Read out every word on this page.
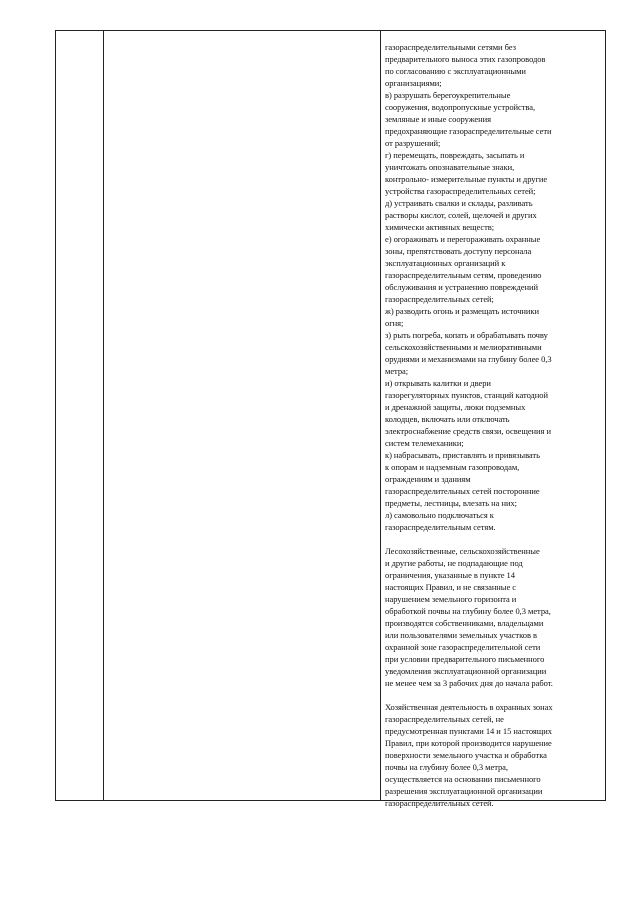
газораспределительными сетями без
предварительного выноса этих газопроводов
по согласованию с эксплуатационными
организациями;
в) разрушать берегоукрепительные
сооружения, водопропускные устройства,
земляные и иные сооружения
предохраняющие газораспределительные сети
от разрушений;
г) перемещать, повреждать, засыпать и
уничтожать опознавательные знаки,
контрольно- измерительные пункты и другие
устройства газораспределительных сетей;
д) устраивать свалки и склады, разливать
растворы кислот, солей, щелочей и других
химически активных веществ;
е) огораживать и перегораживать охранные
зоны, препятствовать доступу персонала
эксплуатационных организаций к
газораспределительным сетям, проведению
обслуживания и устранению повреждений
газораспределительных сетей;
ж) разводить огонь и размещать источники
огня;
з) рыть погреба, копать и обрабатывать почву
сельскохозяйственными и мелиоративными
орудиями и механизмами на глубину более 0,3
метра;
и) открывать калитки и двери
газорегуляторных пунктов, станций катодной
и дренажной защиты, люки подземных
колодцев, включать или отключать
электроснабжение средств связи, освещения и
систем телемеханики;
к) набрасывать, приставлять и привязывать
к опорам и надземным газопроводам,
ограждениям и зданиям
газораспределительных сетей посторонние
предметы, лестницы, влезать на них;
л) самовольно подключаться к
газораспределительным сетям.
Лесохозяйственные, сельскохозяйственные
и другие работы, не подпадающие под
ограничения, указанные в пункте 14
настоящих Правил, и не связанные с
нарушением земельного горизонта и
обработкой почвы на глубину более 0,3 метра,
производятся собственниками, владельцами
или пользователями земельных участков в
охранной зоне газораспределительной сети
при условии предварительного письменного
уведомления эксплуатационной организации
не менее чем за 3 рабочих дня до начала работ.
Хозяйственная деятельность в охранных зонах
газораспределительных сетей, не
предусмотренная пунктами 14 и 15 настоящих
Правил, при которой производится нарушение
поверхности земельного участка и обработка
почвы на глубину более 0,3 метра,
осуществляется на основании письменного
разрешения эксплуатационной организации
газораспределительных сетей.
